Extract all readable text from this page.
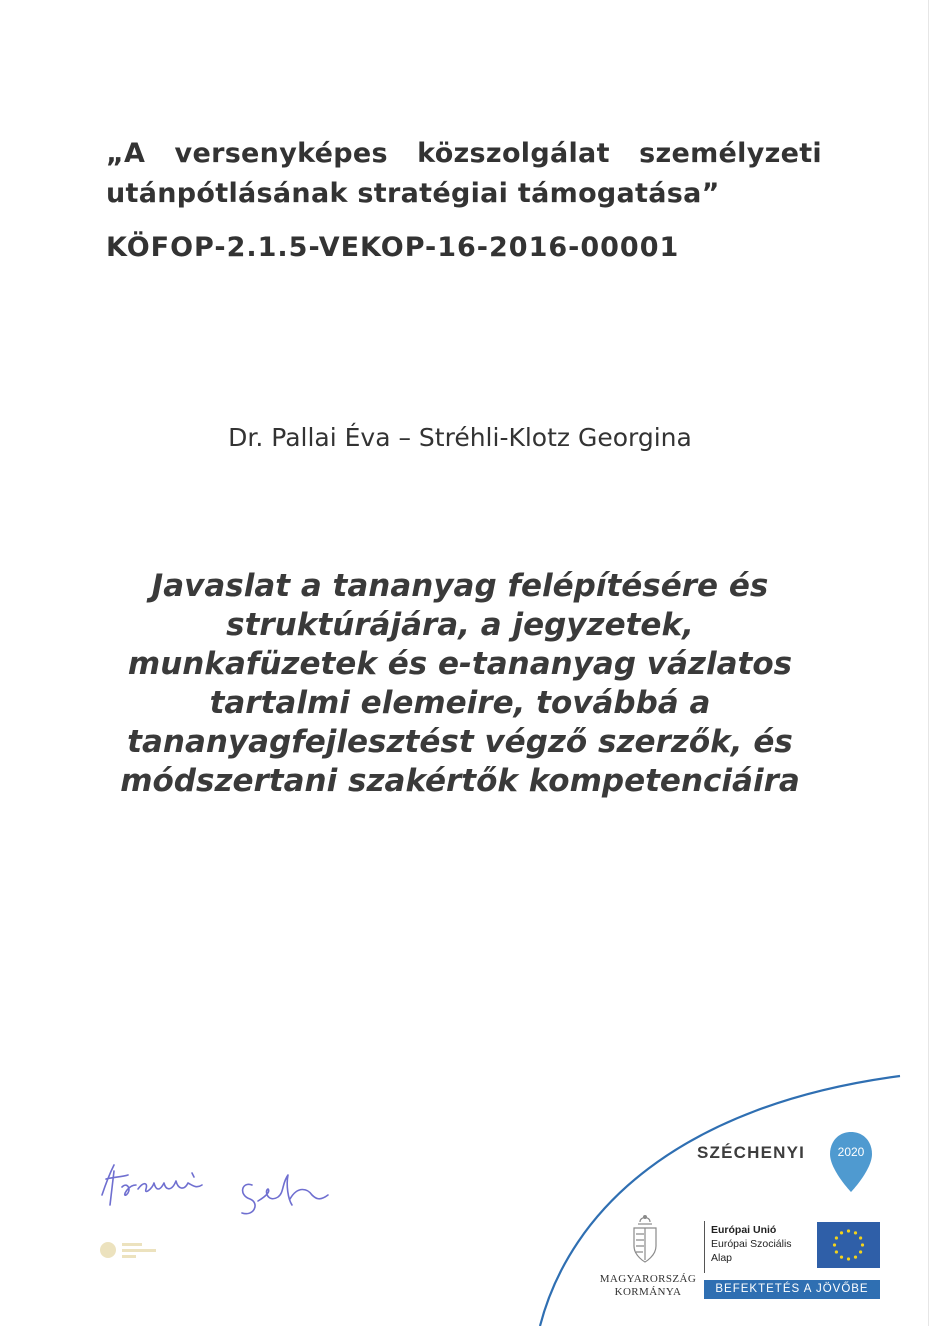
„A versenyképes közszolgálat személyzeti
utánpótlásának stratégiai támogatása”
KÖFOP-2.1.5-VEKOP-16-2016-00001
Dr. Pallai Éva – Stréhli-Klotz Georgina
Javaslat a tananyag felépítésére és
struktúrájára, a jegyzetek,
munkafüzetek és e-tananyag vázlatos
tartalmi elemeire, továbbá a
tananyagfejlesztést végző szerzők, és
módszertani szakértők kompetenciáira
SZÉCHENYI	2020
MAGYARORSZÁG
KORMÁNYA
Európai Unió
Európai Szociális
Alap
BEFEKTETÉS A JÖVŐBE
